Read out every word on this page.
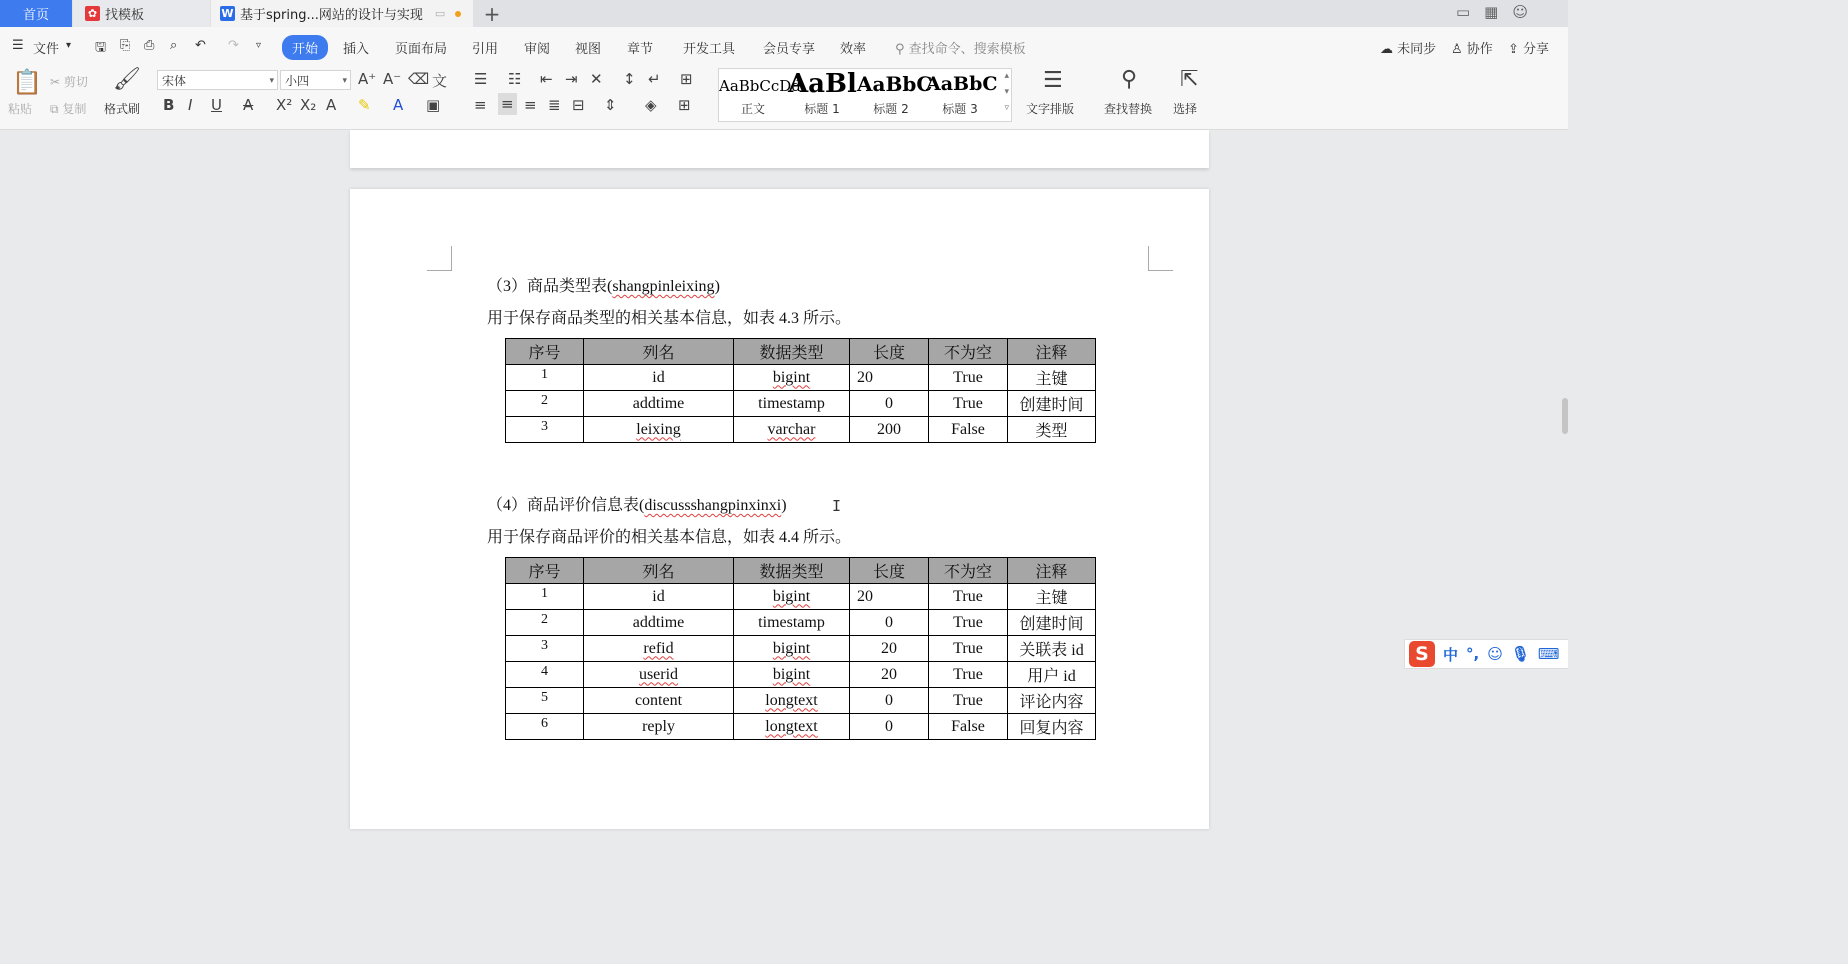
首页	✿ 找模板	W 基于spring...网站的设计与实现 ▭ +	▭ ▦ ☺
☰ 文件 ▾ 🖫 ⎘ ⎙ ⌕ ↶ ↷ ▿	开始	插入 页面布局 引用 审阅 视图 章节 开发工具 会员专享 效率 ⚲ 查找命令、搜索模板	☁ 未同步 ♙ 协作 ⇪ 分享
📋
粘贴
✂ 剪切
⧉ 复制
🖌
格式刷
宋体 ▾	小四 ▾	A⁺ A⁻ ⌫ 文
B I U A X² X₂ A ✎ A ▣
☰ ☷ ⇤ ⇥ ✕ ↕ ↵ ⊞
≡ ≡ ≡ ≣ ⊟ ⇕ ◈ ⊞
AaBbCcDd
正文
AaBl
标题 1
AaBbC
标题 2
AaBbC
标题 3
▴
▾
▿
☰
文字排版
⚲
查找替换
⇱
选择
（3）商品类型表(shangpinleixing)
用于保存商品类型的相关基本信息，如表 4.3 所示。
序号	列名	数据类型	长度	不为空	注释
1	id	bigint	20	True	主键
2	addtime	timestamp	0	True	创建时间
3	leixing	varchar	200	False	类型
（4）商品评价信息表(discussshangpinxinxi)
用于保存商品评价的相关基本信息，如表 4.4 所示。
序号	列名	数据类型	长度	不为空	注释
1	id	bigint	20	True	主键
2	addtime	timestamp	0	True	创建时间
3	refid	bigint	20	True	关联表 id
4	userid	bigint	20	True	用户 id
5	content	longtext	0	True	评论内容
6	reply	longtext	0	False	回复内容
I
S 中 °, ☺ 🎙 ⌨
